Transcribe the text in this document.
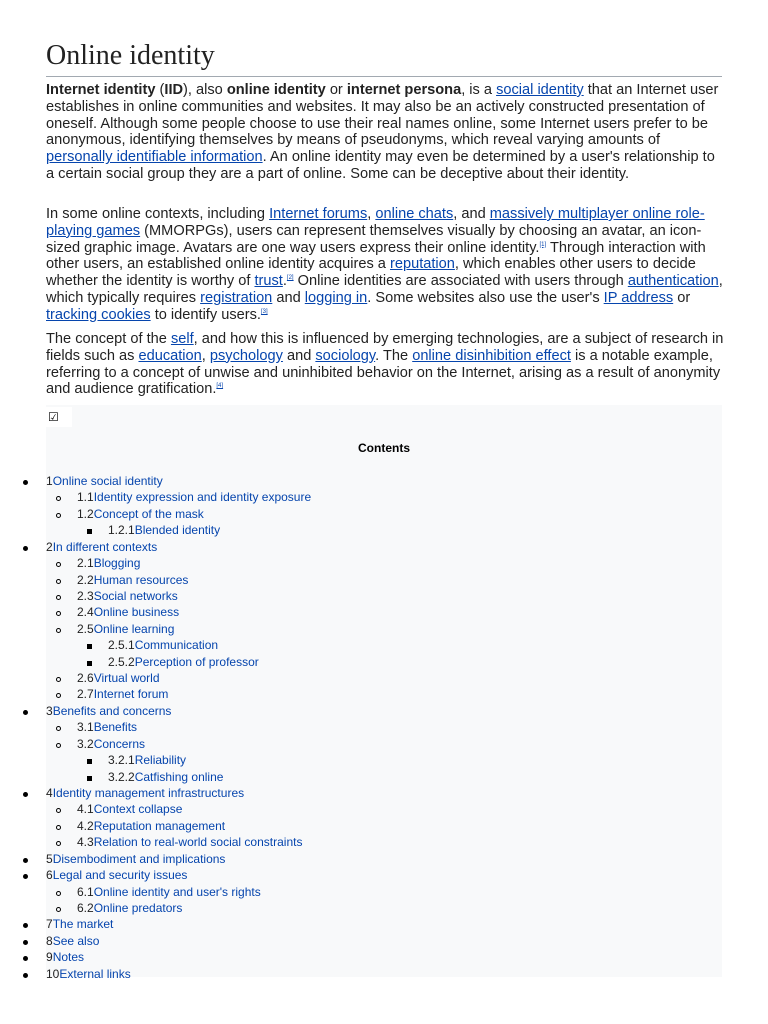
Online identity

Internet identity (IID), also online identity or internet persona, is a social identity that an Internet user establishes in online communities and websites. It may also be an actively constructed presentation of oneself. Although some people choose to use their real names online, some Internet users prefer to be anonymous, identifying themselves by means of pseudonyms, which reveal varying amounts of personally identifiable information. An online identity may even be determined by a user's relationship to a certain social group they are a part of online. Some can be deceptive about their identity.

In some online contexts, including Internet forums, online chats, and massively multiplayer online role-playing games (MMORPGs), users can represent themselves visually by choosing an avatar, an icon-sized graphic image. Avatars are one way users express their online identity.[1] Through interaction with other users, an established online identity acquires a reputation, which enables other users to decide whether the identity is worthy of trust.[2] Online identities are associated with users through authentication, which typically requires registration and logging in. Some websites also use the user's IP address or tracking cookies to identify users.[3]

The concept of the self, and how this is influenced by emerging technologies, are a subject of research in fields such as education, psychology and sociology. The online disinhibition effect is a notable example, referring to a concept of unwise and uninhibited behavior on the Internet, arising as a result of anonymity and audience gratification.[4]

☑
Contents
1Online social identity
1.1Identity expression and identity exposure
1.2Concept of the mask
1.2.1Blended identity
2In different contexts
2.1Blogging
2.2Human resources
2.3Social networks
2.4Online business
2.5Online learning
2.5.1Communication
2.5.2Perception of professor
2.6Virtual world
2.7Internet forum
3Benefits and concerns
3.1Benefits
3.2Concerns
3.2.1Reliability
3.2.2Catfishing online
4Identity management infrastructures
4.1Context collapse
4.2Reputation management
4.3Relation to real-world social constraints
5Disembodiment and implications
6Legal and security issues
6.1Online identity and user's rights
6.2Online predators
7The market
8See also
9Notes
10External links
